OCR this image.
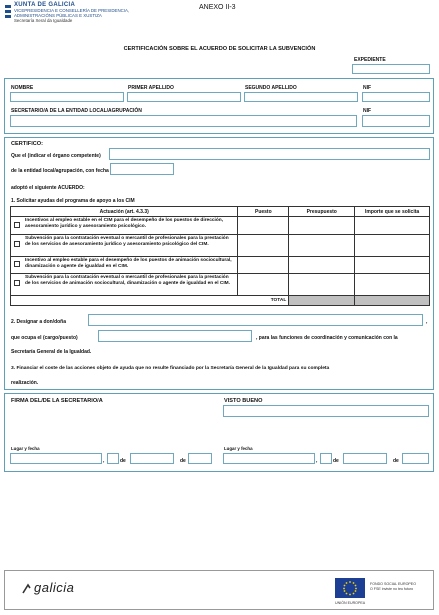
XUNTA DE GALICIA
VICEPRESIDENCIA E CONSELLERÍA DE PRESIDENCIA,
ADMINISTRACIÓNS PÚBLICAS E XUSTIZA
Secretaría Xeral da Igualdade
ANEXO II-3
CERTIFICACIÓN SOBRE EL ACUERDO DE SOLICITAR LA SUBVENCIÓN
EXPEDIENTE
NOMBRE	PRIMER APELLIDO	SEGUNDO APELLIDO	NIF
SECRETARIO/A DE LA ENTIDAD LOCAL/AGRUPACIÓN	NIF
CERTIFICO:
Que el (indicar el órgano competente)
de la entidad local/agrupación, con fecha
adoptó el siguiente ACUERDO:
1. Solicitar ayudas del programa de apoyo a los CIM
Actuación (art. 4.3.3)	Puesto	Presupuesto	Importe que se solicita

Incentivos al empleo estable en el CIM para el desempeño de los puestos de dirección, asesoramiento jurídico y asesoramiento psicológico.			

Subvención para la contratación eventual o mercantil de profesionales para la prestación de los servicios de asesoramiento jurídico y asesoramiento psicológico del CIM.			

Incentivo al empleo estable para el desempeño de los puestos de animación sociocultural, dinamización o agente de igualdad en el CIM.			

Subvención para la contratación eventual o mercantil de profesionales para la prestación de los servicios de animación sociocultural, dinamización o agente de igualdad en el CIM.			

TOTAL			
2. Designar a don/doña	,
que ocupa el (cargo/puesto)	, para las funciones de coordinación y comunicación con la
Secretaría General de la Igualdad.
3. Financiar el coste de las acciones objeto de ayuda que no resulte financiado por la Secretaría General de la Igualdad para su completa
realización.
FIRMA DEL/DE LA SECRETARIO/A	VISTO BUENO
Lugar y fecha
,	de	de
Lugar y fecha
,	de	de
galicia	FONDO SOCIAL EUROPEO
O FSE inviste no teu futuro
UNIÓN EUROPEA
